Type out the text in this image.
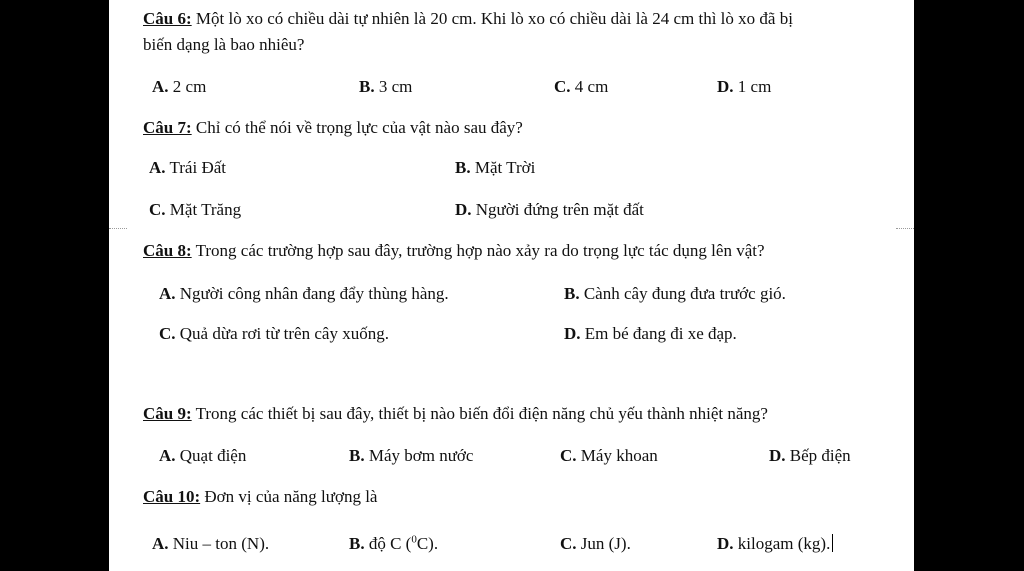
Câu 6: Một lò xo có chiều dài tự nhiên là 20 cm. Khi lò xo có chiều dài là 24 cm thì lò xo đã bị
biến dạng là bao nhiêu?
A. 2 cm	B. 3 cm	C. 4 cm	D. 1 cm
Câu 7: Chỉ có thể nói về trọng lực của vật nào sau đây?
A. Trái Đất	B. Mặt Trời
C. Mặt Trăng	D. Người đứng trên mặt đất
Câu 8: Trong các trường hợp sau đây, trường hợp nào xảy ra do trọng lực tác dụng lên vật?
A. Người công nhân đang đẩy thùng hàng.	B. Cành cây đung đưa trước gió.
C. Quả dừa rơi từ trên cây xuống.	D. Em bé đang đi xe đạp.
Câu 9: Trong các thiết bị sau đây, thiết bị nào biến đổi điện năng chủ yếu thành nhiệt năng?
A. Quạt điện	B. Máy bơm nước	C. Máy khoan	D. Bếp điện
Câu 10: Đơn vị của năng lượng là
A. Niu – ton (N).	B. độ C ($^0$C).	C. Jun (J).	D. kilogam (kg).
